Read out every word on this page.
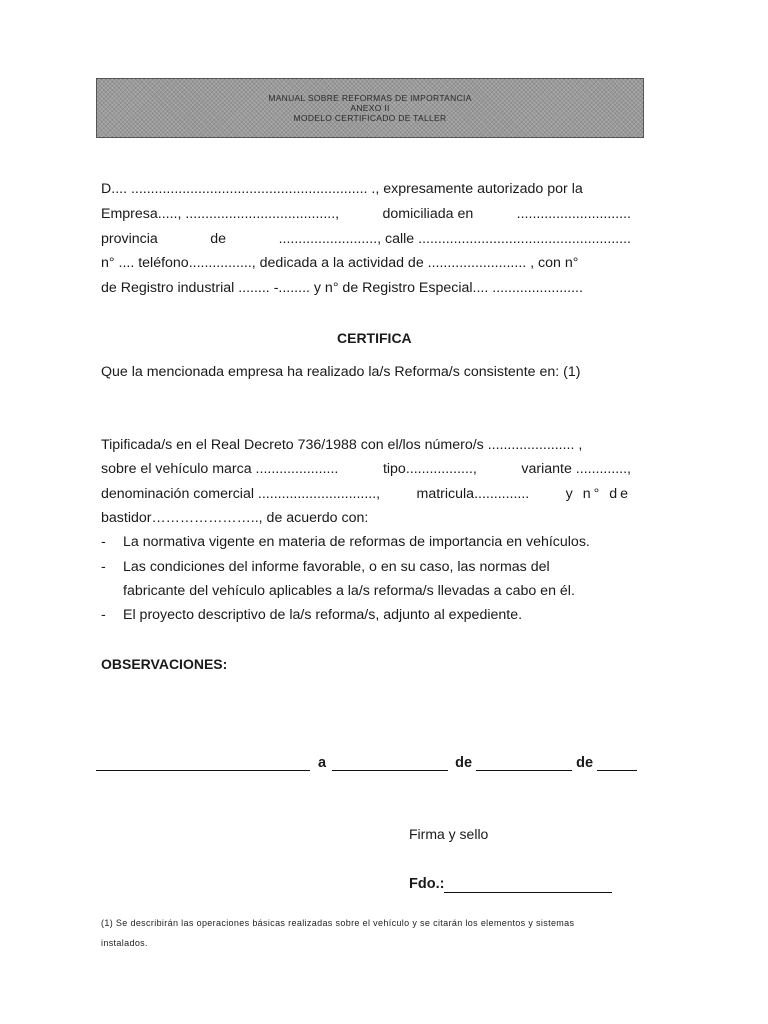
MANUAL SOBRE REFORMAS DE IMPORTANCIA
ANEXO II
MODELO CERTIFICADO DE TALLER
D.... ............................................................ ., expresamente autorizado por la
Empresa....., ......................................,	domiciliada en	.............................
provincia	de	........................., calle ......................................................
n° .... teléfono................, dedicada a la actividad de ......................... , con n°
de Registro industrial ........ -........ y n° de Registro Especial.... .......................
CERTIFICA
Que la mencionada empresa ha realizado la/s Reforma/s consistente en: (1)
Tipificada/s en el Real Decreto 736/1988 con el/los número/s ...................... ,
sobre el vehículo marca .....................	tipo.................,	variante .............,
denominación comercial ..............................,	matricula..............	y n° de
bastidor………………….., de acuerdo con:
- La normativa vigente en materia de reformas de importancia en vehículos.
-	Las condiciones del informe favorable, o en su caso, las normas del
fabricante del vehículo aplicables a la/s reforma/s llevadas a cabo en él.
- El proyecto descriptivo de la/s reforma/s, adjunto al expediente.
OBSERVACIONES:
a	de	de
Firma y sello
Fdo.:
(1) Se describirán las operaciones básicas realizadas sobre el vehículo y se citarán los elementos y sistemas instalados.
